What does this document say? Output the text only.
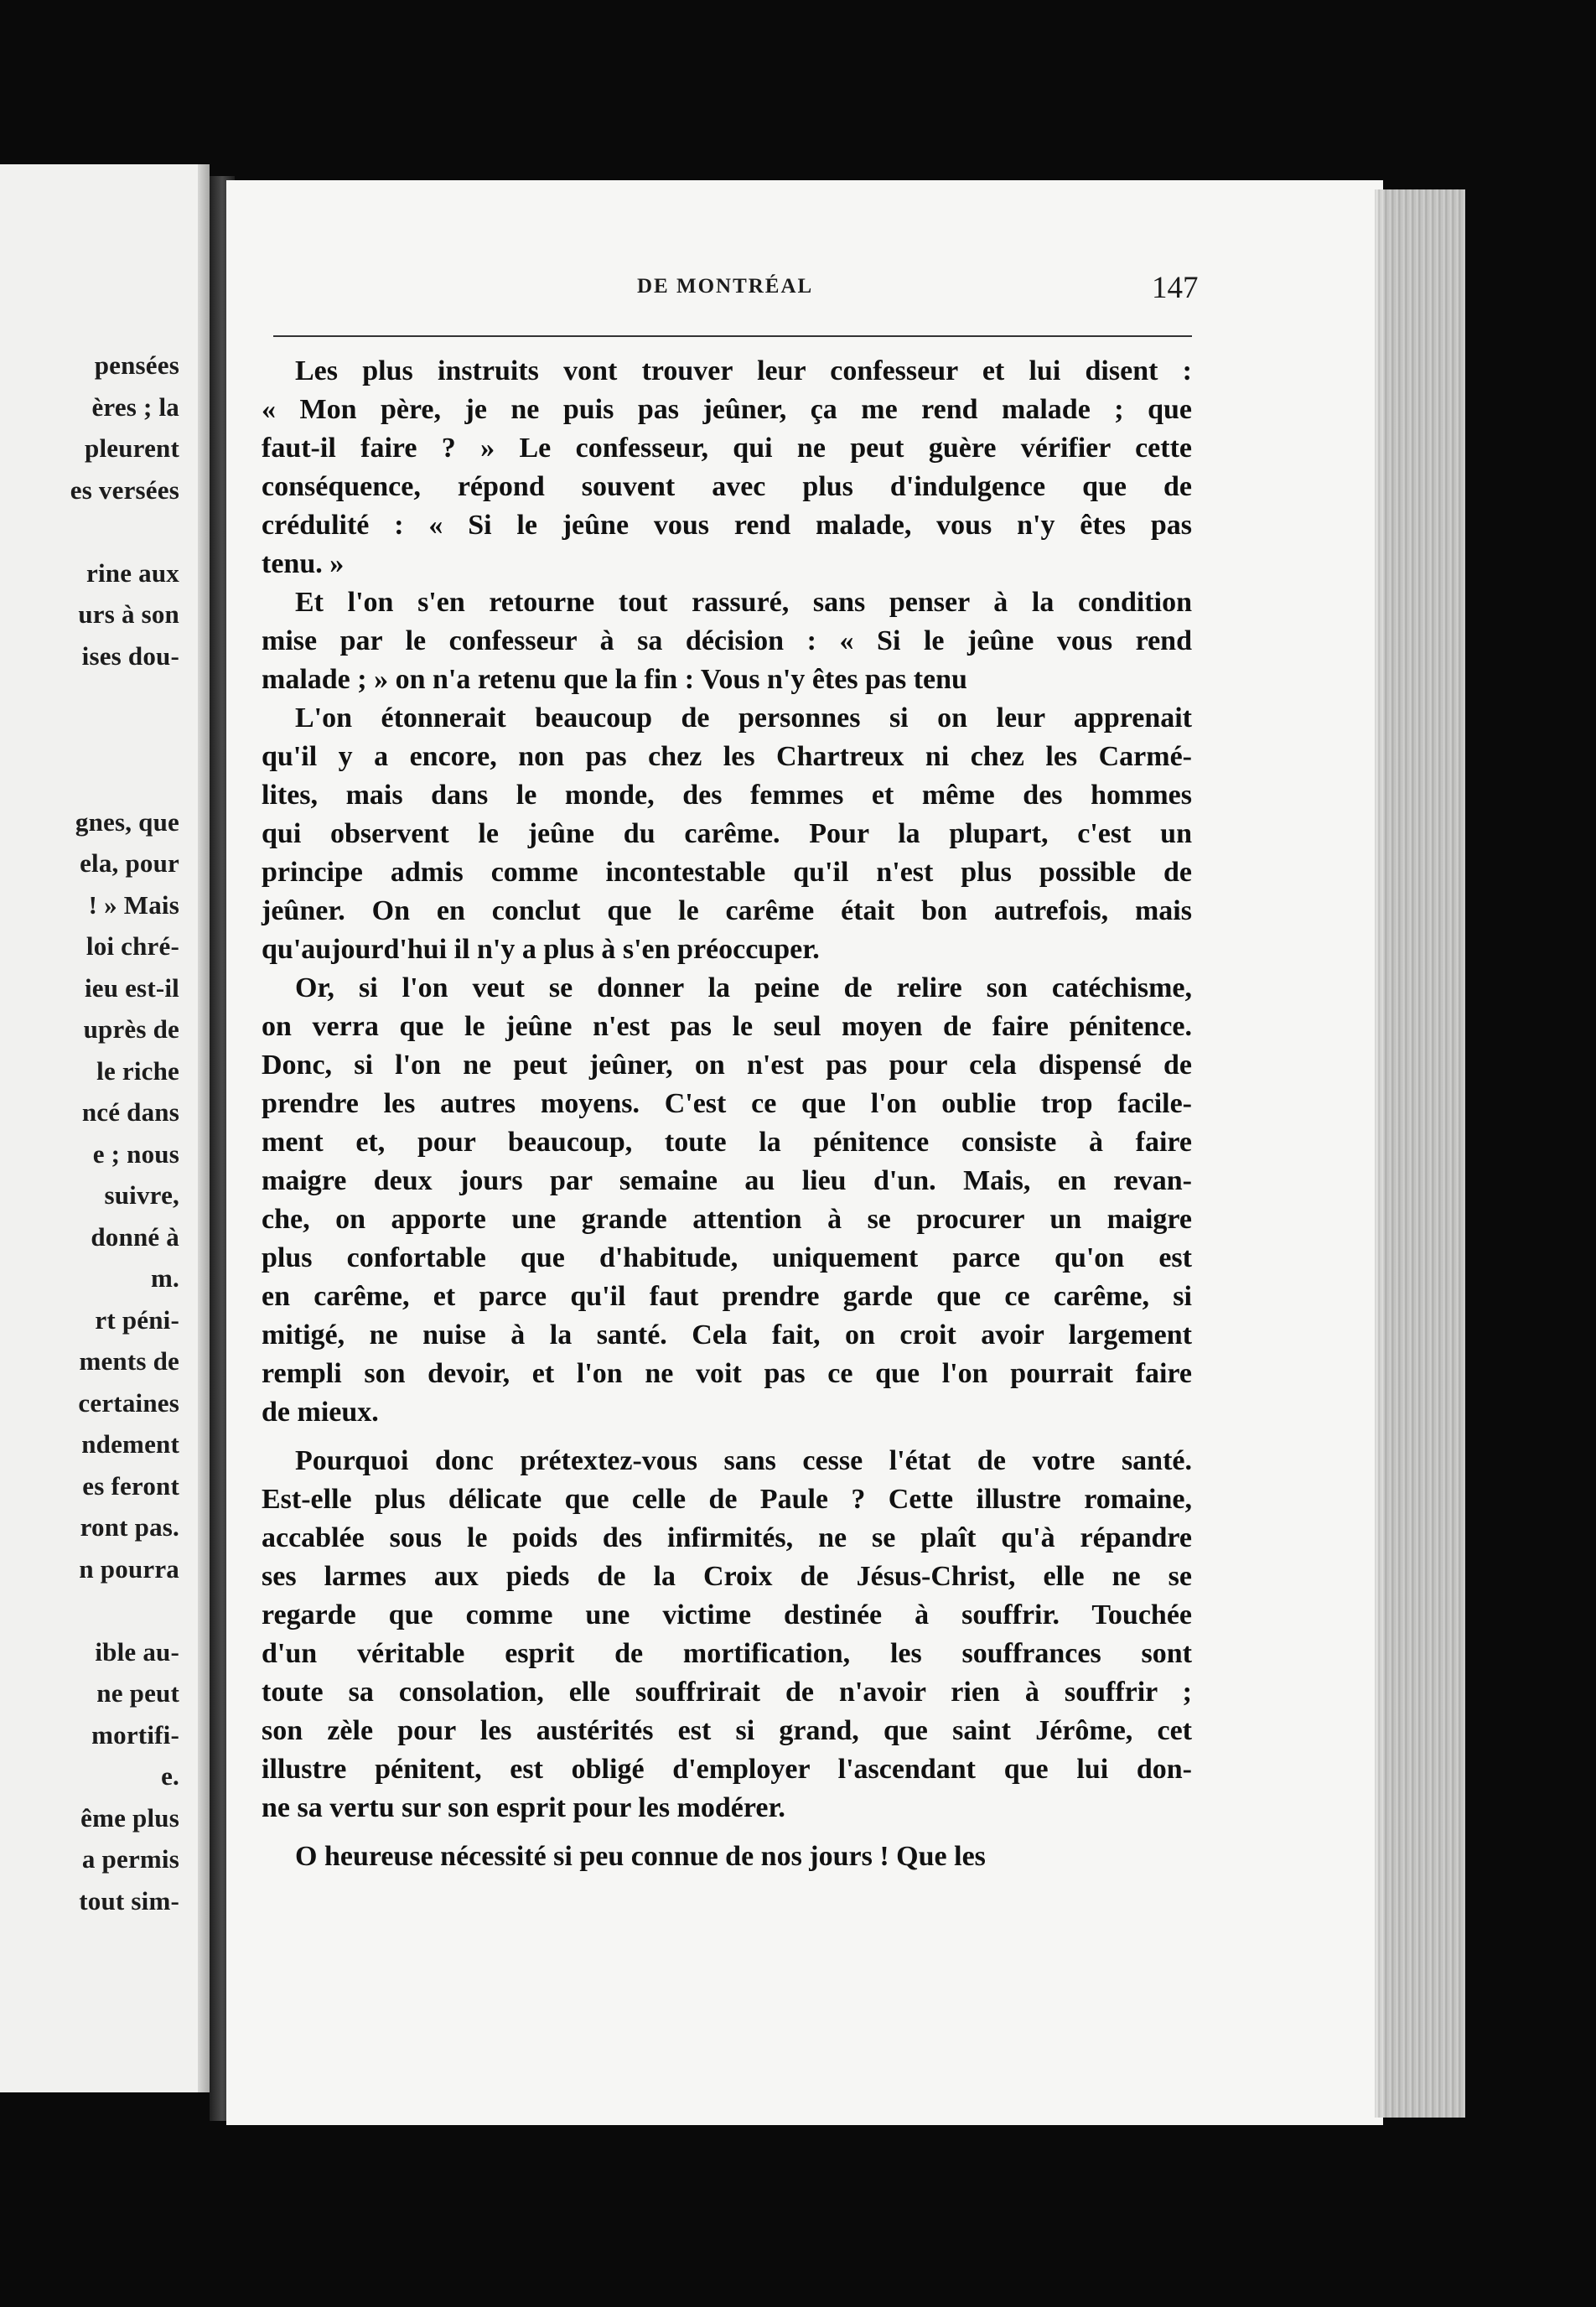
pensées
ères ; la
pleurent
es versées
rine aux
urs à son
ises dou-
gnes, que
ela, pour
! » Mais
loi chré-
ieu est-il
uprès de
le riche
ncé dans
e ; nous
suivre,
donné à
m.
rt péni-
ments de
certaines
ndement
es feront
ront pas.
n pourra
ible au-
ne peut
mortifi-
e.
ême plus
a permis
tout sim-
DE MONTRÉAL	147
Les plus instruits vont trouver leur confesseur et lui disent :
« Mon père, je ne puis pas jeûner, ça me rend malade ; que
faut-il faire ? » Le confesseur, qui ne peut guère vérifier cette
conséquence, répond souvent avec plus d'indulgence que de
crédulité : « Si le jeûne vous rend malade, vous n'y êtes pas
tenu. »
Et l'on s'en retourne tout rassuré, sans penser à la condition
mise par le confesseur à sa décision : « Si le jeûne vous rend
malade ; » on n'a retenu que la fin : Vous n'y êtes pas tenu
L'on étonnerait beaucoup de personnes si on leur apprenait
qu'il y a encore, non pas chez les Chartreux ni chez les Carmé-
lites, mais dans le monde, des femmes et même des hommes
qui observent le jeûne du carême. Pour la plupart, c'est un
principe admis comme incontestable qu'il n'est plus possible de
jeûner. On en conclut que le carême était bon autrefois, mais
qu'aujourd'hui il n'y a plus à s'en préoccuper.
Or, si l'on veut se donner la peine de relire son catéchisme,
on verra que le jeûne n'est pas le seul moyen de faire pénitence.
Donc, si l'on ne peut jeûner, on n'est pas pour cela dispensé de
prendre les autres moyens. C'est ce que l'on oublie trop facile-
ment et, pour beaucoup, toute la pénitence consiste à faire
maigre deux jours par semaine au lieu d'un. Mais, en revan-
che, on apporte une grande attention à se procurer un maigre
plus confortable que d'habitude, uniquement parce qu'on est
en carême, et parce qu'il faut prendre garde que ce carême, si
mitigé, ne nuise à la santé. Cela fait, on croit avoir largement
rempli son devoir, et l'on ne voit pas ce que l'on pourrait faire
de mieux.
Pourquoi donc prétextez-vous sans cesse l'état de votre santé.
Est-elle plus délicate que celle de Paule ? Cette illustre romaine,
accablée sous le poids des infirmités, ne se plaît qu'à répandre
ses larmes aux pieds de la Croix de Jésus-Christ, elle ne se
regarde que comme une victime destinée à souffrir. Touchée
d'un véritable esprit de mortification, les souffrances sont
toute sa consolation, elle souffrirait de n'avoir rien à souffrir ;
son zèle pour les austérités est si grand, que saint Jérôme, cet
illustre pénitent, est obligé d'employer l'ascendant que lui don-
ne sa vertu sur son esprit pour les modérer.
O heureuse nécessité si peu connue de nos jours ! Que les
